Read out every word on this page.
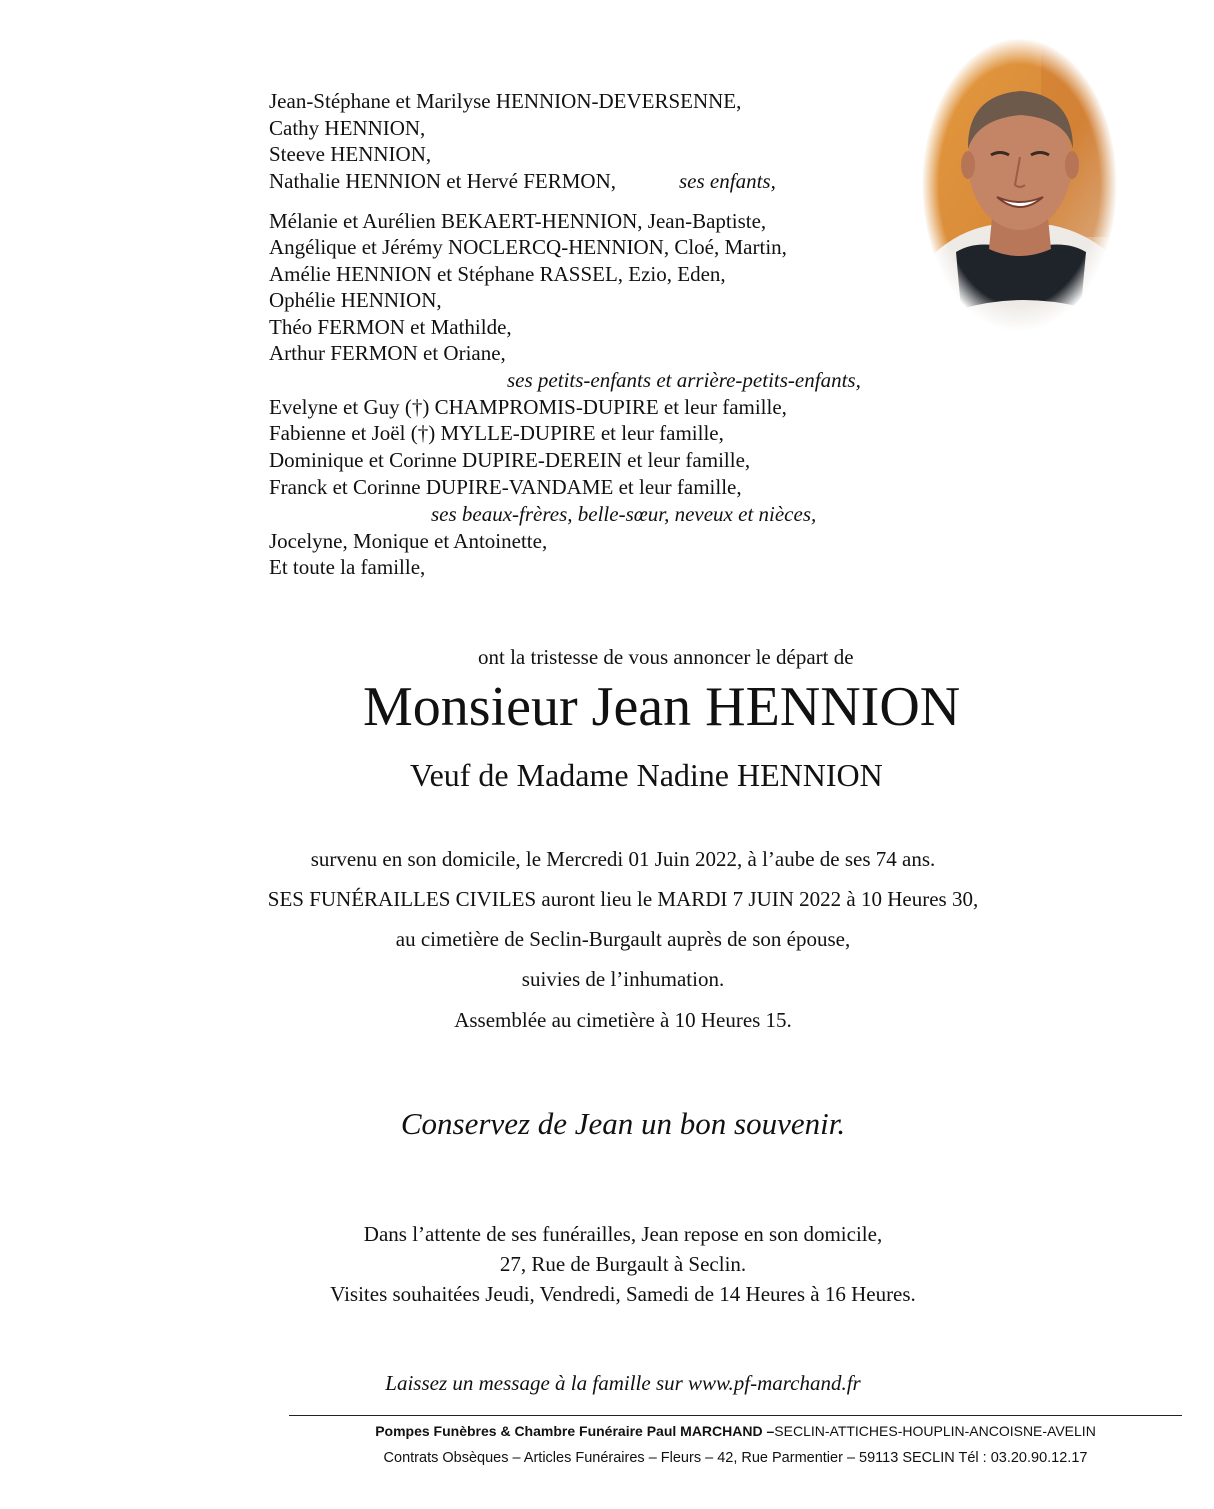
Jean-Stéphane et Marilyse HENNION-DEVERSENNE,
Cathy HENNION,
Steeve HENNION,
Nathalie HENNION et Hervé FERMON,	ses enfants,
Mélanie et Aurélien BEKAERT-HENNION, Jean-Baptiste,
Angélique et Jérémy NOCLERCQ-HENNION, Cloé, Martin,
Amélie HENNION et Stéphane RASSEL, Ezio, Eden,
Ophélie HENNION,
Théo FERMON et Mathilde,
Arthur FERMON et Oriane,
ses petits-enfants et arrière-petits-enfants,
Evelyne et Guy (†) CHAMPROMIS-DUPIRE et leur famille,
Fabienne et Joël (†) MYLLE-DUPIRE et leur famille,
Dominique et Corinne DUPIRE-DEREIN et leur famille,
Franck et Corinne DUPIRE-VANDAME et leur famille,
ses beaux-frères, belle-sœur, neveux et nièces,
Jocelyne, Monique et Antoinette,
Et toute la famille,
ont la tristesse de vous annoncer le départ de
Monsieur Jean HENNION
Veuf de Madame Nadine HENNION
survenu en son domicile, le Mercredi 01 Juin 2022, à l’aube de ses 74 ans.
SES FUNÉRAILLES CIVILES auront lieu le MARDI 7 JUIN 2022 à 10 Heures 30,
au cimetière de Seclin-Burgault auprès de son épouse,
suivies de l’inhumation.
Assemblée au cimetière à 10 Heures 15.
Conservez de Jean un bon souvenir.
Dans l’attente de ses funérailles, Jean repose en son domicile,
27, Rue de Burgault à Seclin.
Visites souhaitées Jeudi, Vendredi, Samedi de 14 Heures à 16 Heures.
Laissez un message à la famille sur www.pf-marchand.fr
Pompes Funèbres & Chambre Funéraire Paul MARCHAND –SECLIN-ATTICHES-HOUPLIN-ANCOISNE-AVELIN
Contrats Obsèques – Articles Funéraires – Fleurs – 42, Rue Parmentier – 59113 SECLIN Tél : 03.20.90.12.17
